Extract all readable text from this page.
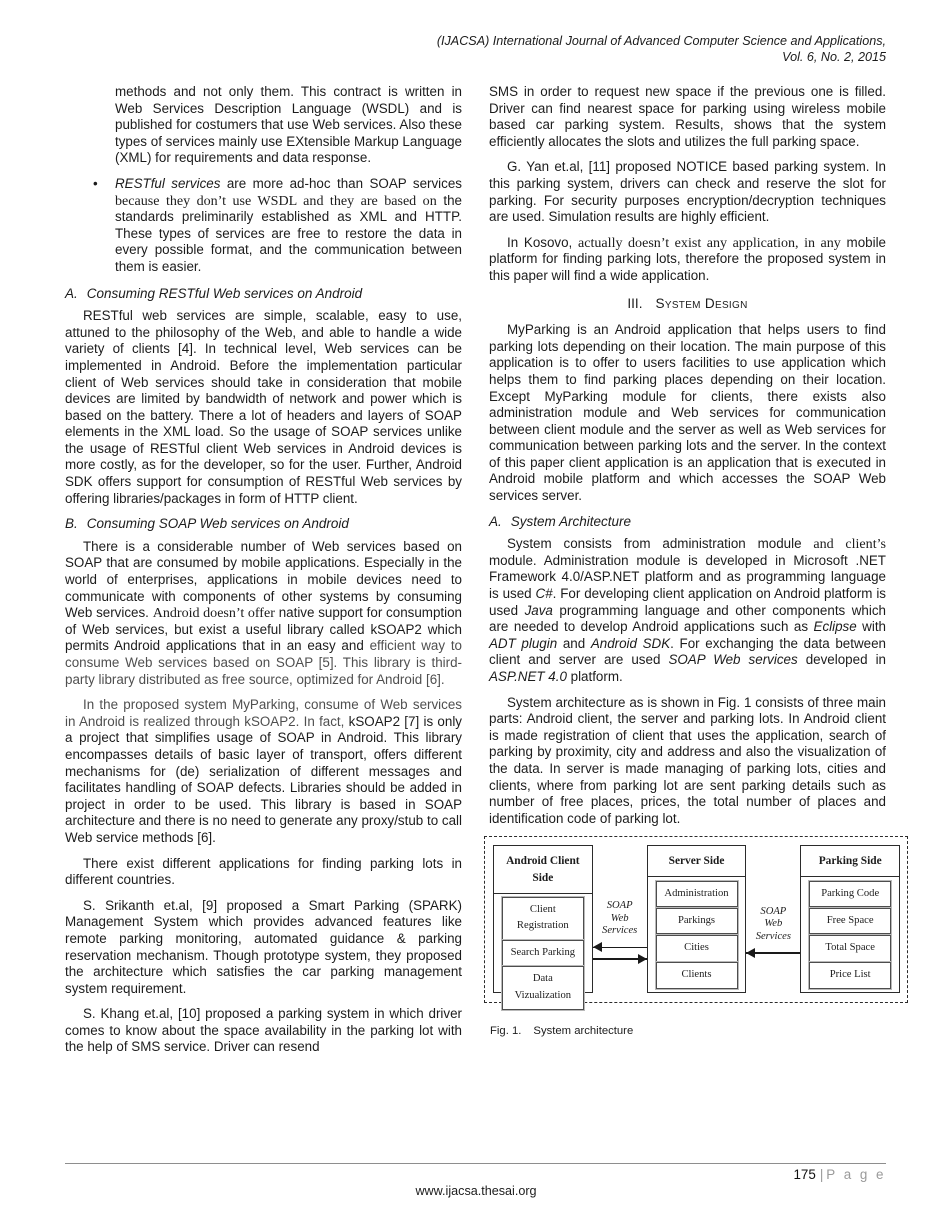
(IJACSA) International Journal of Advanced Computer Science and Applications,
Vol. 6, No. 2, 2015

methods and not only them. This contract is written in Web Services Description Language (WSDL) and is published for costumers that use Web services. Also these types of services mainly use EXtensible Markup Language (XML) for requirements and data response.

•	RESTful services are more ad-hoc than SOAP services because they don’t use WSDL and they are based on the standards preliminarily established as XML and HTTP. These types of services are free to restore the data in every possible format, and the communication between them is easier.

A. Consuming RESTful Web services on Android

RESTful web services are simple, scalable, easy to use, attuned to the philosophy of the Web, and able to handle a wide variety of clients [4]. In technical level, Web services can be implemented in Android. Before the implementation particular client of Web services should take in consideration that mobile devices are limited by bandwidth of network and power which is based on the battery. There a lot of headers and layers of SOAP elements in the XML load. So the usage of SOAP services unlike the usage of RESTful client Web services in Android devices is more costly, as for the developer, so for the user. Further, Android SDK offers support for consumption of RESTful Web services by offering libraries/packages in form of HTTP client.

B. Consuming SOAP Web services on Android

There is a considerable number of Web services based on SOAP that are consumed by mobile applications. Especially in the world of enterprises, applications in mobile devices need to communicate with components of other systems by consuming Web services. Android doesn’t offer native support for consumption of Web services, but exist a useful library called kSOAP2 which permits Android applications that in an easy and efficient way to consume Web services based on SOAP [5]. This library is third-party library distributed as free source, optimized for Android [6].

In the proposed system MyParking, consume of Web services in Android is realized through kSOAP2. In fact, kSOAP2 [7] is only a project that simplifies usage of SOAP in Android. This library encompasses details of basic layer of transport, offers different mechanisms for (de) serialization of different messages and facilitates handling of SOAP defects. Libraries should be added in project in order to be used. This library is based in SOAP architecture and there is no need to generate any proxy/stub to call Web service methods [6].

There exist different applications for finding parking lots in different countries.

S. Srikanth et.al, [9] proposed a Smart Parking (SPARK) Management System which provides advanced features like remote parking monitoring, automated guidance & parking reservation mechanism. Though prototype system, they proposed the architecture which satisfies the car parking management system requirement.

S. Khang et.al, [10] proposed a parking system in which driver comes to know about the space availability in the parking lot with the help of SMS service. Driver can resend

SMS in order to request new space if the previous one is filled. Driver can find nearest space for parking using wireless mobile based car parking system. Results, shows that the system efficiently allocates the slots and utilizes the full parking space.

G. Yan et.al, [11] proposed NOTICE based parking system. In this parking system, drivers can check and reserve the slot for parking. For security purposes encryption/decryption techniques are used. Simulation results are highly efficient.

In Kosovo, actually doesn’t exist any application, in any mobile platform for finding parking lots, therefore the proposed system in this paper will find a wide application.

III. System Design

MyParking is an Android application that helps users to find parking lots depending on their location. The main purpose of this application is to offer to users facilities to use application which helps them to find parking places depending on their location. Except MyParking module for clients, there exists also administration module and Web services for communication between client module and the server as well as Web services for communication between parking lots and the server. In the context of this paper client application is an application that is executed in Android mobile platform and which accesses the SOAP Web services server.

A. System Architecture

System consists from administration module and client’s module. Administration module is developed in Microsoft .NET Framework 4.0/ASP.NET platform and as programming language is used C#. For developing client application on Android platform is used Java programming language and other components which are needed to develop Android applications such as Eclipse with ADT plugin and Android SDK. For exchanging the data between client and server are used SOAP Web services developed in ASP.NET 4.0 platform.

System architecture as is shown in Fig. 1 consists of three main parts: Android client, the server and parking lots. In Android client is made registration of client that uses the application, search of parking by proximity, city and address and also the visualization of the data. In server is made managing of parking lots, cities and clients, where from parking lot are sent parking details such as number of free places, prices, the total number of places and identification code of parking lot.

Android Client Side
Client Registration
Search Parking
Data Vizualization
SOAP
Web Services
Server Side
Administration
Parkings
Cities
Clients
SOAP
Web Services
Parking Side
Parking Code
Free Space
Total Space
Price List

Fig. 1. System architecture

175 | P a g e
www.ijacsa.thesai.org
